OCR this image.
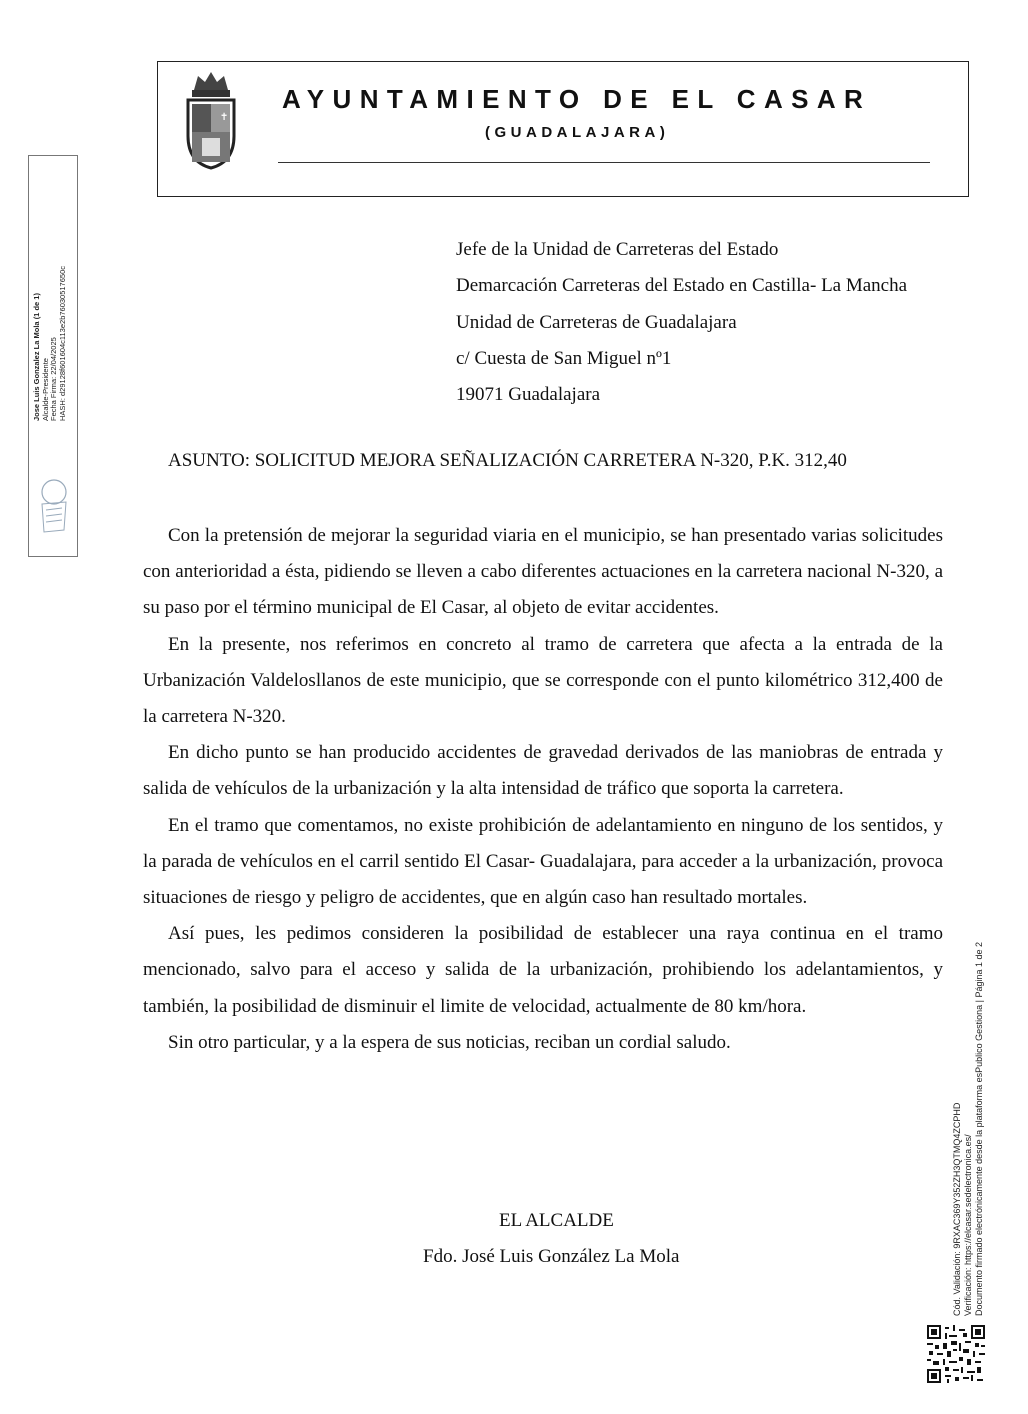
✝
AYUNTAMIENTO DE EL CASAR
(GUADALAJARA)
Jose Luis Gonzalez La Mola (1 de 1) Alcalde-Presidente Fecha Firma: 22/04/2025 HASH: d29128f601604c113e2b76030517650c
Jefe de la Unidad de Carreteras del Estado
Demarcación Carreteras del Estado en Castilla- La Mancha
Unidad de Carreteras de Guadalajara
c/ Cuesta de San Miguel nº1
19071 Guadalajara
ASUNTO: SOLICITUD MEJORA SEÑALIZACIÓN CARRETERA N-320, P.K. 312,40

Con la pretensión de mejorar la seguridad viaria en el municipio, se han presentado varias solicitudes con anterioridad a ésta, pidiendo se lleven a cabo diferentes actuaciones en la carretera nacional N-320, a su paso por el término municipal de El Casar, al objeto de evitar accidentes.

En la presente, nos referimos en concreto al tramo de carretera que afecta a la entrada de la Urbanización Valdelosllanos de este municipio, que se corresponde con el punto kilométrico 312,400 de la carretera N-320.

En dicho punto se han producido accidentes de gravedad derivados de las maniobras de entrada y salida de vehículos de la urbanización y la alta intensidad de tráfico que soporta la carretera.

En el tramo que comentamos, no existe prohibición de adelantamiento en ninguno de los sentidos, y la parada de vehículos en el carril sentido El Casar- Guadalajara, para acceder a la urbanización, provoca situaciones de riesgo y peligro de accidentes, que en algún caso han resultado mortales.

Así pues, les pedimos consideren la posibilidad de establecer una raya continua en el tramo mencionado, salvo para el acceso y salida de la urbanización, prohibiendo los adelantamientos, y también, la posibilidad de disminuir el limite de velocidad, actualmente de 80 km/hora.

Sin otro particular, y a la espera de sus noticias, reciban un cordial saludo.

EL ALCALDE
Fdo. José Luis González La Mola	Cód. Validación: 9RXAC369Y352ZH3QTMQ4ZCPHD Verificación: https://elcasar.sedelectronica.es/ Documento firmado electrónicamente desde la plataforma esPublico Gestiona | Página 1 de 2
